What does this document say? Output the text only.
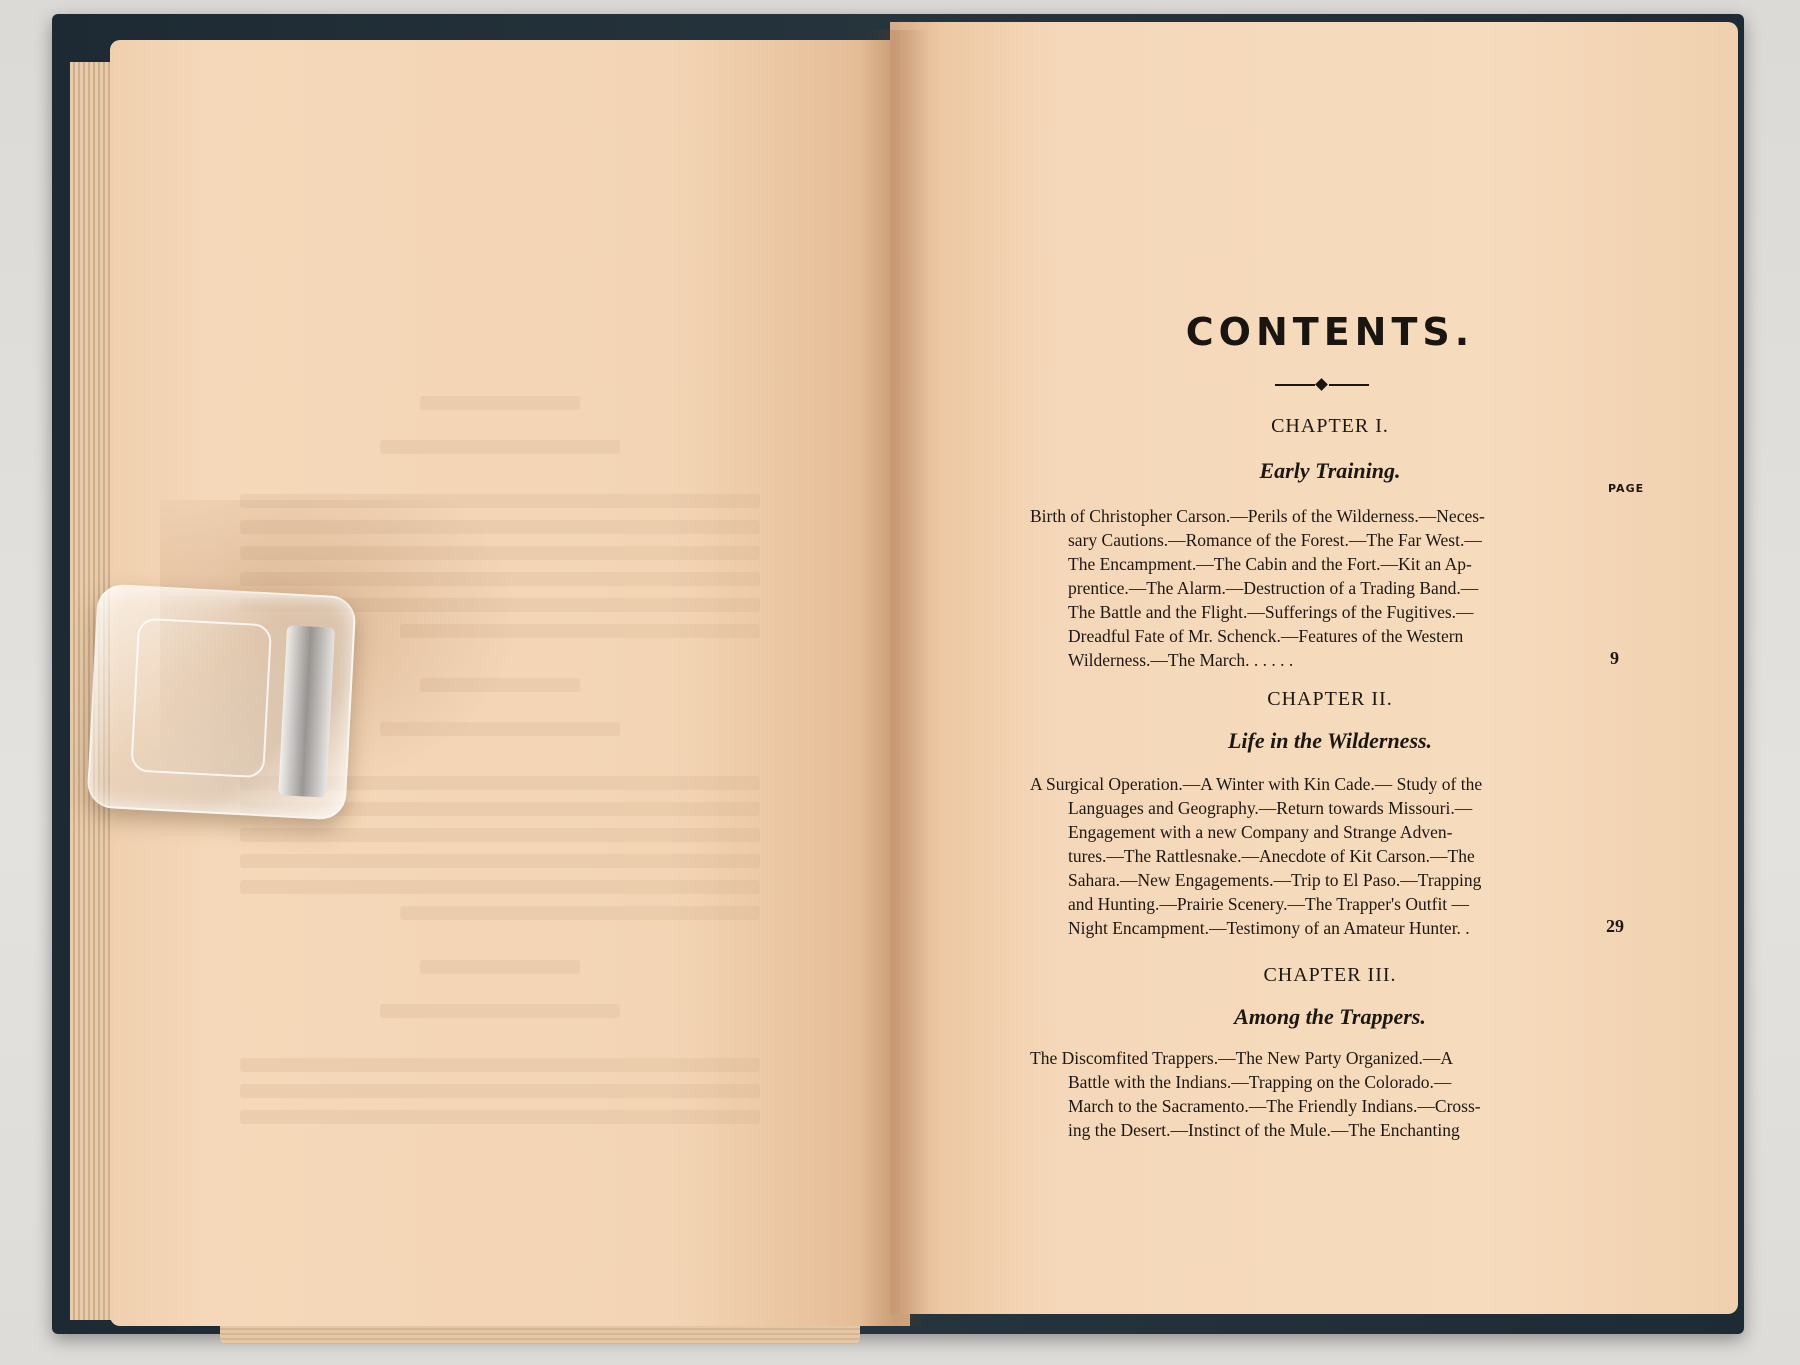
CONTENTS.
CHAPTER I.
Early Training.
PAGE
Birth of Christopher Carson.—Perils of the Wilderness.—Neces-
sary Cautions.—Romance of the Forest.—The Far West.—
The Encampment.—The Cabin and the Fort.—Kit an Ap-
prentice.—The Alarm.—Destruction of a Trading Band.—
The Battle and the Flight.—Sufferings of the Fugitives.—
Dreadful Fate of Mr. Schenck.—Features of the Western
Wilderness.—The March. . . . . .	9
CHAPTER II.
Life in the Wilderness.
A Surgical Operation.—A Winter with Kin Cade.— Study of the
Languages and Geography.—Return towards Missouri.—
Engagement with a new Company and Strange Adven-
tures.—The Rattlesnake.—Anecdote of Kit Carson.—The
Sahara.—New Engagements.—Trip to El Paso.—Trapping
and Hunting.—Prairie Scenery.—The Trapper's Outfit —
Night Encampment.—Testimony of an Amateur Hunter. .	29
CHAPTER III.
Among the Trappers.
The Discomfited Trappers.—The New Party Organized.—A
Battle with the Indians.—Trapping on the Colorado.—
March to the Sacramento.—The Friendly Indians.—Cross-
ing the Desert.—Instinct of the Mule.—The Enchanting
